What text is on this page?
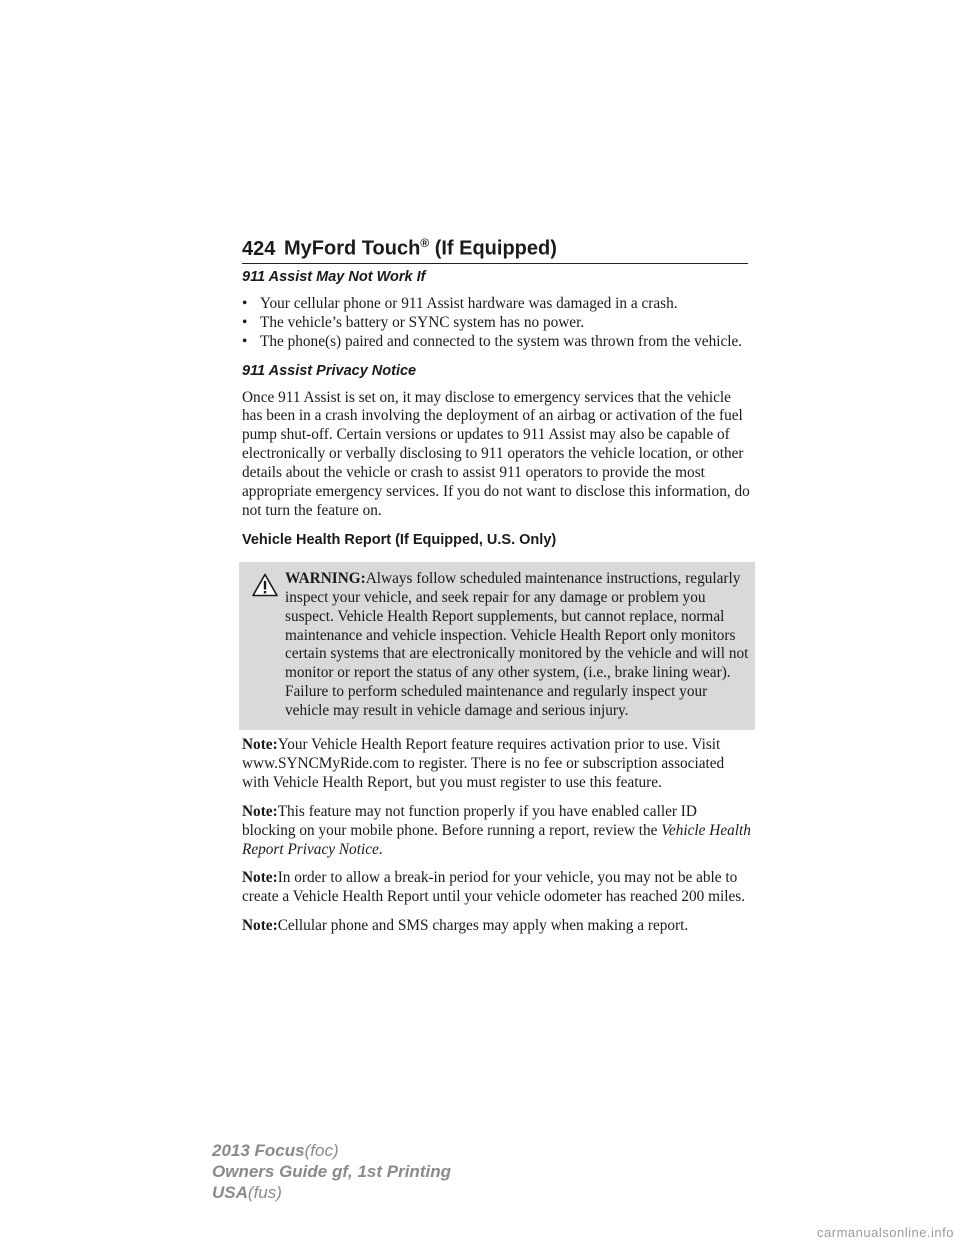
424 MyFord Touch® (If Equipped)
911 Assist May Not Work If
• Your cellular phone or 911 Assist hardware was damaged in a crash.
• The vehicle’s battery or SYNC system has no power.
• The phone(s) paired and connected to the system was thrown from the vehicle.
911 Assist Privacy Notice

Once 911 Assist is set on, it may disclose to emergency services that the vehicle has been in a crash involving the deployment of an airbag or activation of the fuel pump shut-off. Certain versions or updates to 911 Assist may also be capable of electronically or verbally disclosing to 911 operators the vehicle location, or other details about the vehicle or crash to assist 911 operators to provide the most appropriate emergency services. If you do not want to disclose this information, do not turn the feature on.

Vehicle Health Report (If Equipped, U.S. Only)
WARNING:Always follow scheduled maintenance instructions, regularly inspect your vehicle, and seek repair for any damage or problem you suspect. Vehicle Health Report supplements, but cannot replace, normal maintenance and vehicle inspection. Vehicle Health Report only monitors certain systems that are electronically monitored by the vehicle and will not monitor or report the status of any other system, (i.e., brake lining wear). Failure to perform scheduled maintenance and regularly inspect your vehicle may result in vehicle damage and serious injury.

Note:Your Vehicle Health Report feature requires activation prior to use. Visit www.SYNCMyRide.com to register. There is no fee or subscription associated with Vehicle Health Report, but you must register to use this feature.

Note:This feature may not function properly if you have enabled caller ID blocking on your mobile phone. Before running a report, review the Vehicle Health Report Privacy Notice.

Note:In order to allow a break-in period for your vehicle, you may not be able to create a Vehicle Health Report until your vehicle odometer has reached 200 miles.

Note:Cellular phone and SMS charges may apply when making a report.

2013 Focus(foc)
Owners Guide gf, 1st Printing
USA(fus)
carmanualsonline.info
